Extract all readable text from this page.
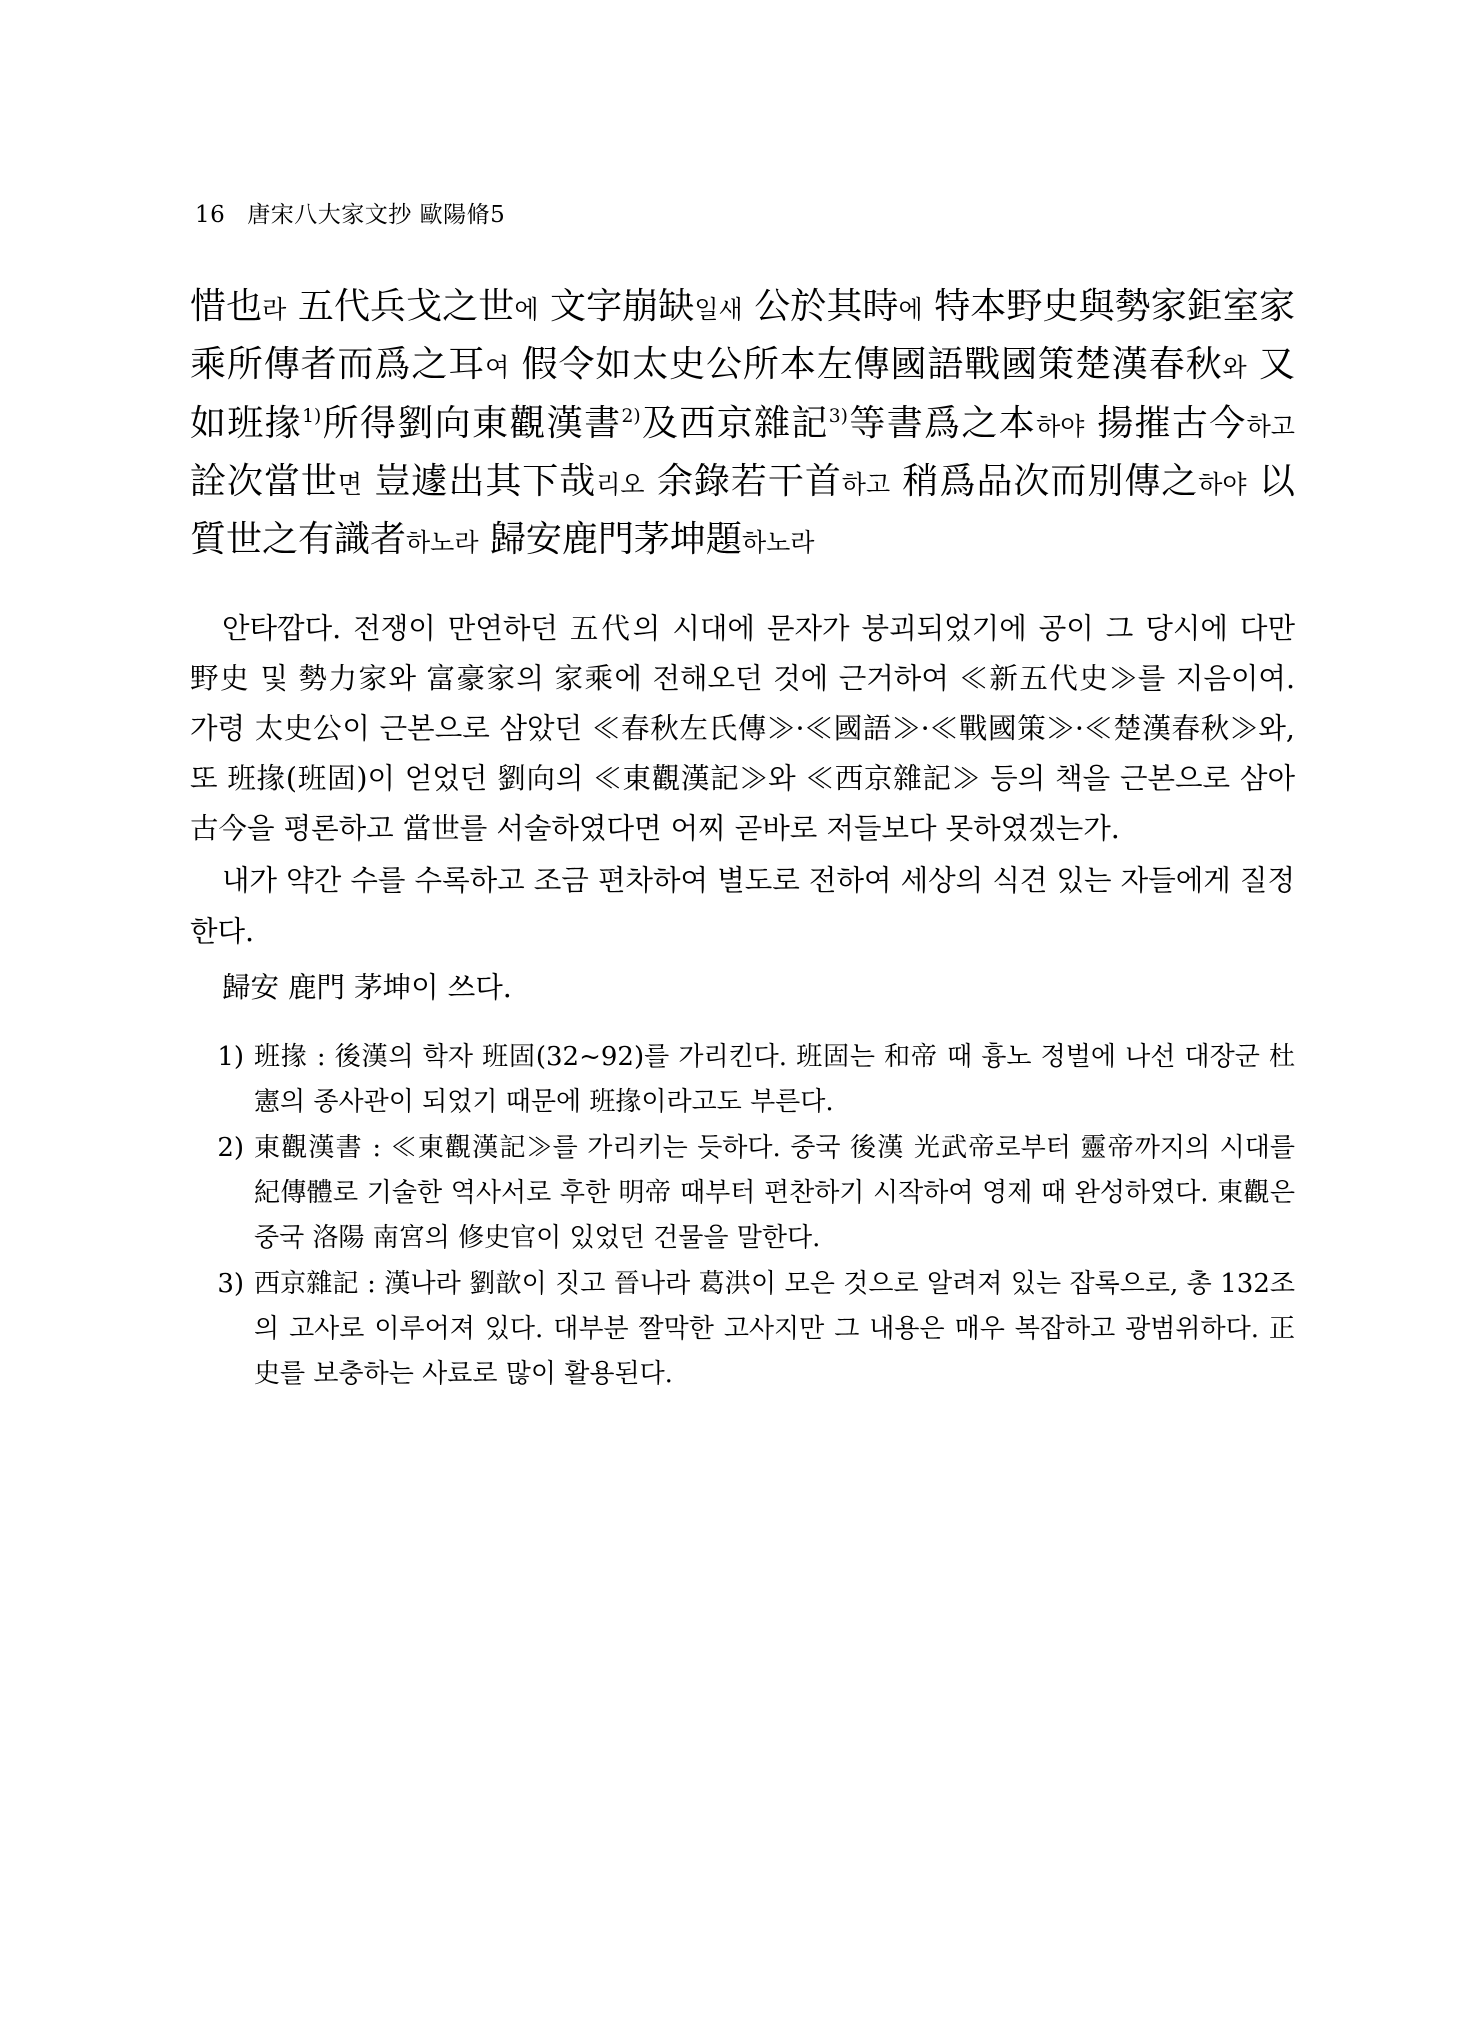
16 唐宋八大家文抄 歐陽脩5
惜也라 五代兵戈之世에 文字崩缺일새 公於其時에 特本野史與勢家鉅室家乘所傳者而爲之耳여 假令如太史公所本左傳國語戰國策楚漢春秋와 又如班掾$^{1)}$所得劉向東觀漢書$^{2)}$及西京雜記$^{3)}$等書爲之本하야 揚摧古今하고 詮次當世면 豈遽出其下哉리오 余錄若干首하고 稍爲品次而別傳之하야 以質世之有識者하노라 歸安鹿門茅坤題하노라

안타깝다. 전쟁이 만연하던 五代의 시대에 문자가 붕괴되었기에 공이 그 당시에 다만 野史 및 勢力家와 富豪家의 家乘에 전해오던 것에 근거하여 ≪新五代史≫를 지음이여. 가령 太史公이 근본으로 삼았던 ≪春秋左氏傳≫·≪國語≫·≪戰國策≫·≪楚漢春秋≫와, 또 班掾(班固)이 얻었던 劉向의 ≪東觀漢記≫와 ≪西京雜記≫ 등의 책을 근본으로 삼아 古今을 평론하고 當世를 서술하였다면 어찌 곧바로 저들보다 못하였겠는가.

내가 약간 수를 수록하고 조금 편차하여 별도로 전하여 세상의 식견 있는 자들에게 질정한다.

歸安 鹿門 茅坤이 쓰다.

1) 班掾 : 後漢의 학자 班固(32~92)를 가리킨다. 班固는 和帝 때 흉노 정벌에 나선 대장군 杜憲의 종사관이 되었기 때문에 班掾이라고도 부른다.
2) 東觀漢書 : ≪東觀漢記≫를 가리키는 듯하다. 중국 後漢 光武帝로부터 靈帝까지의 시대를 紀傳體로 기술한 역사서로 후한 明帝 때부터 편찬하기 시작하여 영제 때 완성하였다. 東觀은 중국 洛陽 南宮의 修史官이 있었던 건물을 말한다.
3) 西京雜記 : 漢나라 劉歆이 짓고 晉나라 葛洪이 모은 것으로 알려져 있는 잡록으로, 총 132조의 고사로 이루어져 있다. 대부분 짤막한 고사지만 그 내용은 매우 복잡하고 광범위하다. 正史를 보충하는 사료로 많이 활용된다.
